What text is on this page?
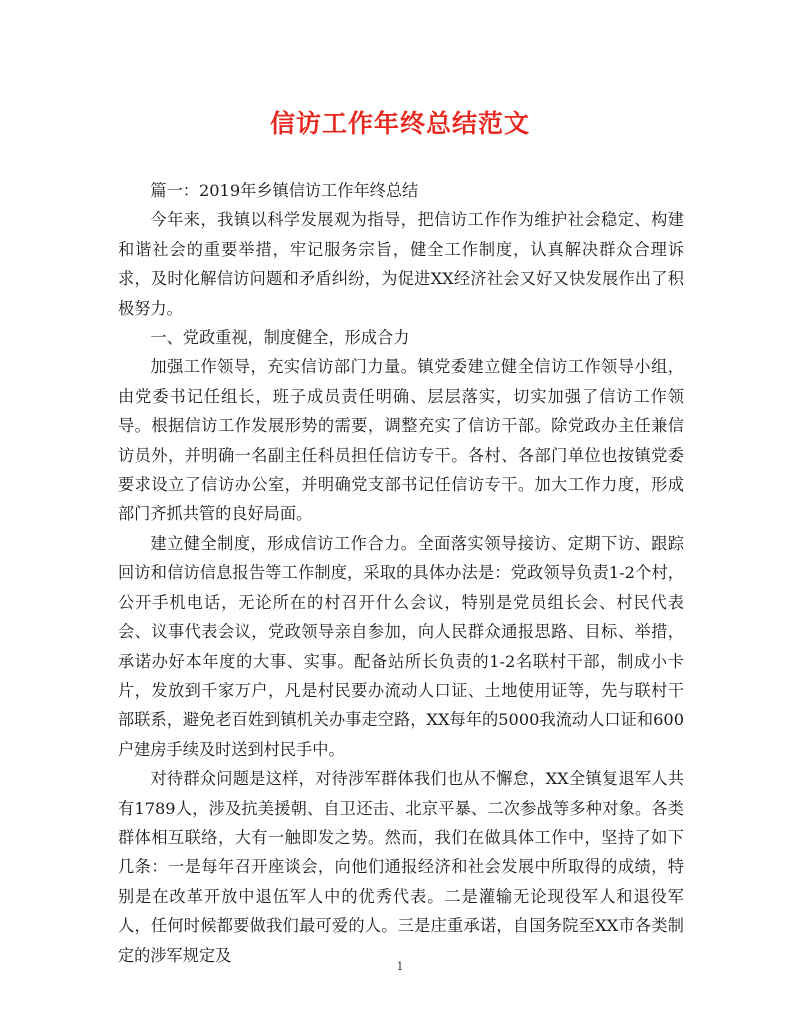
信访工作年终总结范文

篇一：2019年乡镇信访工作年终总结

今年来，我镇以科学发展观为指导，把信访工作作为维护社会稳定、构建和谐社会的重要举措，牢记服务宗旨，健全工作制度，认真解决群众合理诉求，及时化解信访问题和矛盾纠纷，为促进XX经济社会又好又快发展作出了积极努力。

一、党政重视，制度健全，形成合力

加强工作领导，充实信访部门力量。镇党委建立健全信访工作领导小组，由党委书记任组长，班子成员责任明确、层层落实，切实加强了信访工作领导。根据信访工作发展形势的需要，调整充实了信访干部。除党政办主任兼信访员外，并明确一名副主任科员担任信访专干。各村、各部门单位也按镇党委要求设立了信访办公室，并明确党支部书记任信访专干。加大工作力度，形成部门齐抓共管的良好局面。

建立健全制度，形成信访工作合力。全面落实领导接访、定期下访、跟踪回访和信访信息报告等工作制度，采取的具体办法是：党政领导负责1-2个村，公开手机电话，无论所在的村召开什么会议，特别是党员组长会、村民代表会、议事代表会议，党政领导亲自参加，向人民群众通报思路、目标、举措，承诺办好本年度的大事、实事。配备站所长负责的1-2名联村干部，制成小卡片，发放到千家万户，凡是村民要办流动人口证、土地使用证等，先与联村干部联系，避免老百姓到镇机关办事走空路，XX每年的5000我流动人口证和600户建房手续及时送到村民手中。

对待群众问题是这样，对待涉军群体我们也从不懈怠，XX全镇复退军人共有1789人，涉及抗美援朝、自卫还击、北京平暴、二次参战等多种对象。各类群体相互联络，大有一触即发之势。然而，我们在做具体工作中，坚持了如下几条：一是每年召开座谈会，向他们通报经济和社会发展中所取得的成绩，特别是在改革开放中退伍军人中的优秀代表。二是灌输无论现役军人和退役军人，任何时候都要做我们最可爱的人。三是庄重承诺，自国务院至XX市各类制定的涉军规定及

1
